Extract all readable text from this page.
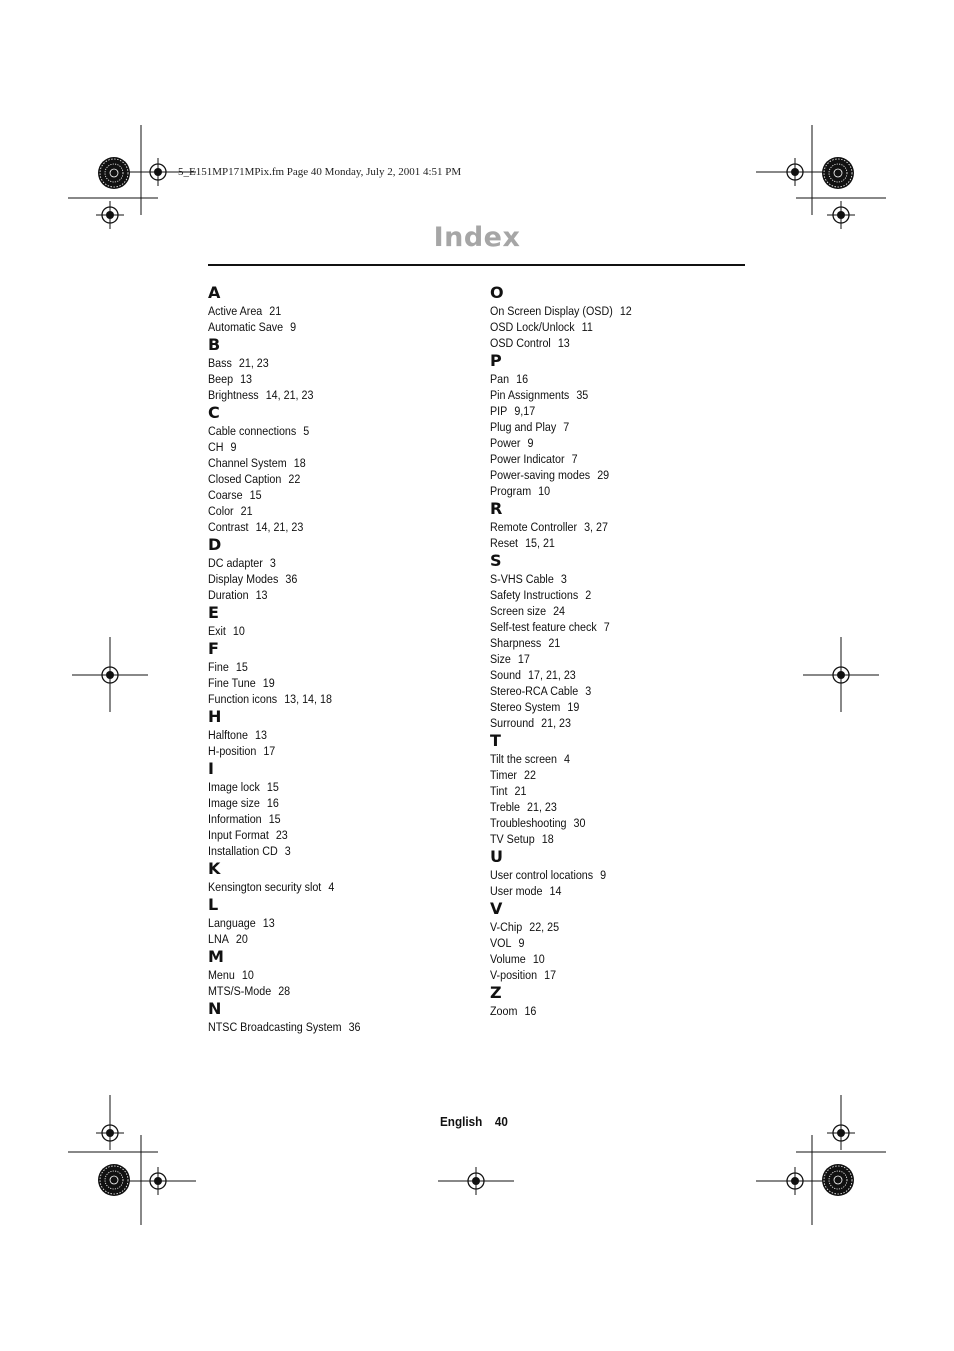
5_E151MP171MPix.fm Page 40 Monday, July 2, 2001 4:51 PM
Index
A
Active Area 21
Automatic Save 9
B
Bass 21, 23
Beep 13
Brightness 14, 21, 23
C
Cable connections 5
CH 9
Channel System 18
Closed Caption 22
Coarse 15
Color 21
Contrast 14, 21, 23
D
DC adapter 3
Display Modes 36
Duration 13
E
Exit 10
F
Fine 15
Fine Tune 19
Function icons 13, 14, 18
H
Halftone 13
H-position 17
I
Image lock 15
Image size 16
Information 15
Input Format 23
Installation CD 3
K
Kensington security slot 4
L
Language 13
LNA 20
M
Menu 10
MTS/S-Mode 28
N
NTSC Broadcasting System 36
O
On Screen Display (OSD) 12
OSD Lock/Unlock 11
OSD Control 13
P
Pan 16
Pin Assignments 35
PIP 9,17
Plug and Play 7
Power 9
Power Indicator 7
Power-saving modes 29
Program 10
R
Remote Controller 3, 27
Reset 15, 21
S
S-VHS Cable 3
Safety Instructions 2
Screen size 24
Self-test feature check 7
Sharpness 21
Size 17
Sound 17, 21, 23
Stereo-RCA Cable 3
Stereo System 19
Surround 21, 23
T
Tilt the screen 4
Timer 22
Tint 21
Treble 21, 23
Troubleshooting 30
TV Setup 18
U
User control locations 9
User mode 14
V
V-Chip 22, 25
VOL 9
Volume 10
V-position 17
Z
Zoom 16
English 40
